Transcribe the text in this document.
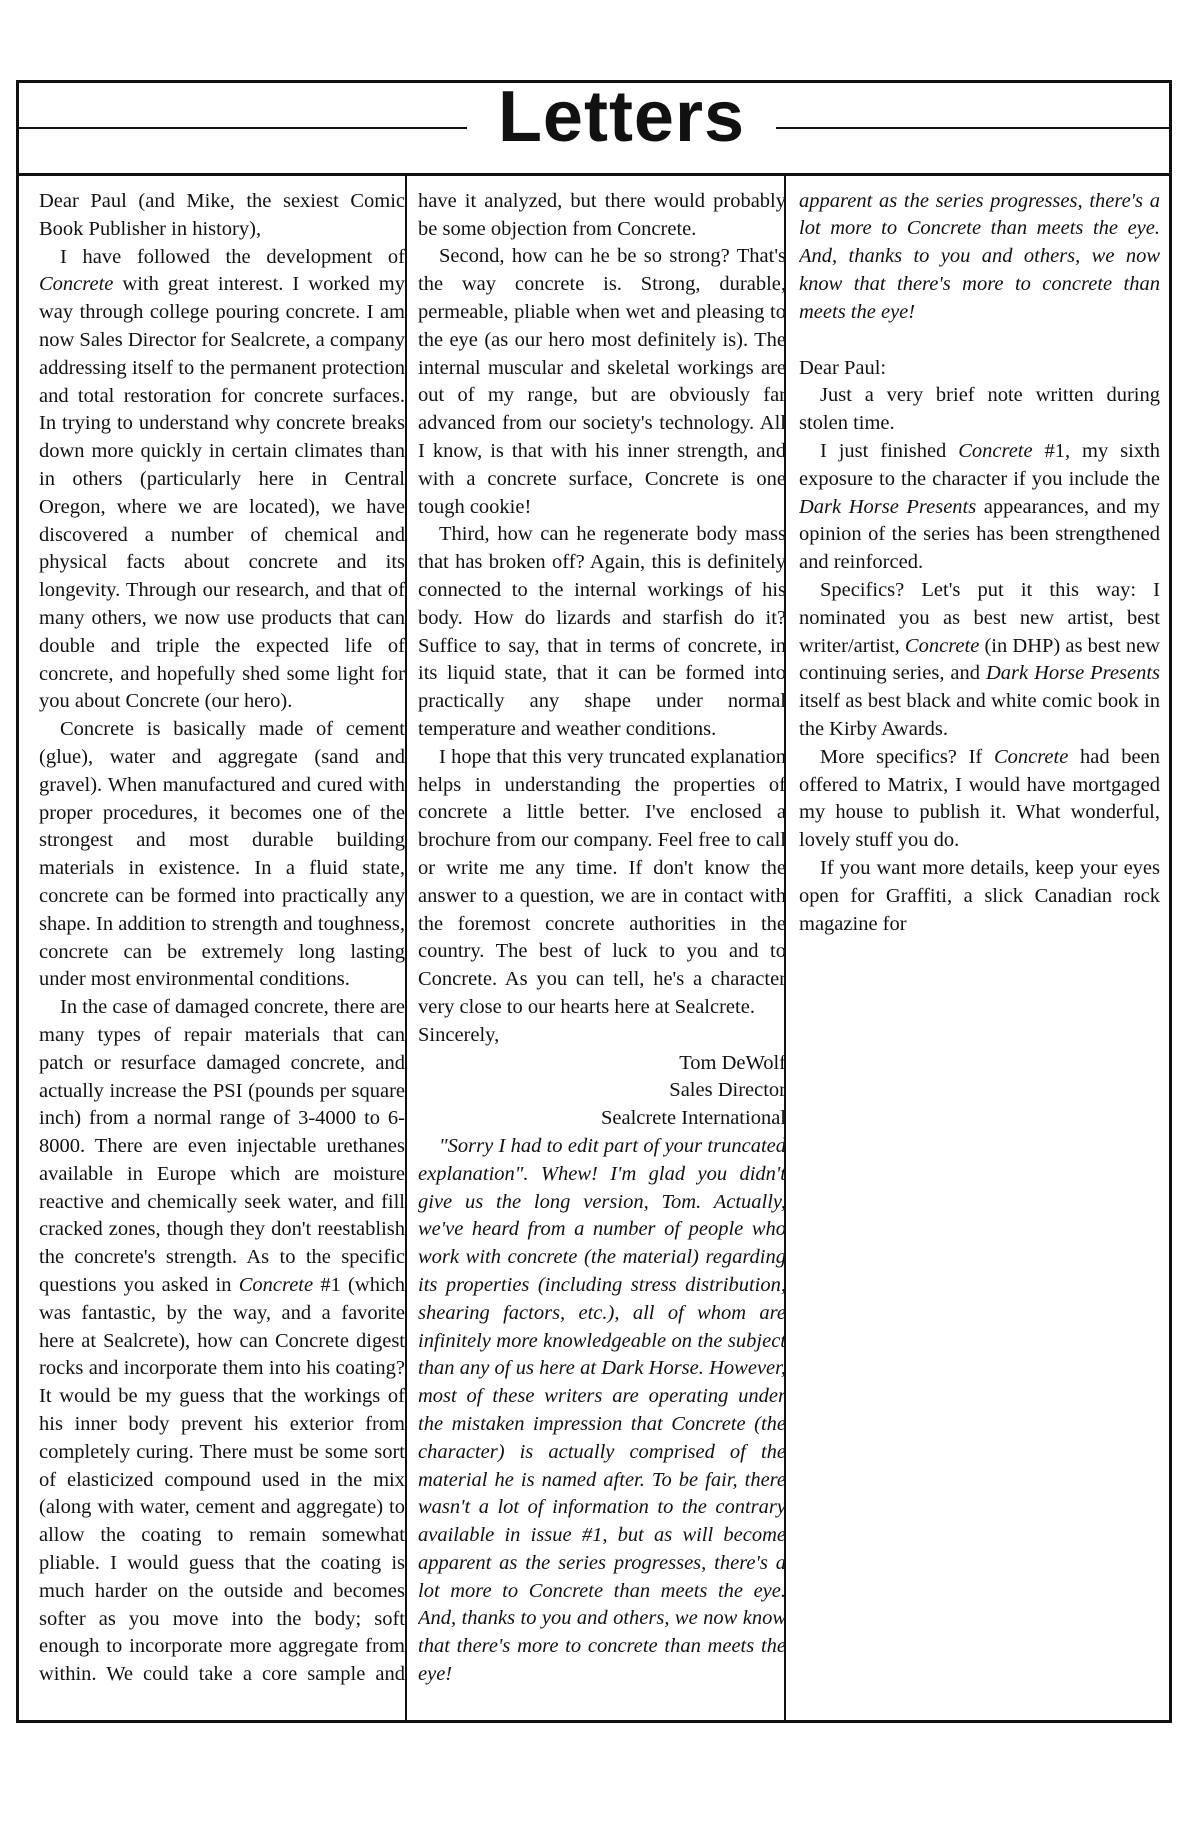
Letters

Dear Paul (and Mike, the sexiest Comic Book Publisher in history),

I have followed the development of Concrete with great interest. I worked my way through college pouring concrete. I am now Sales Director for Sealcrete, a company addressing itself to the permanent protection and total restoration for concrete surfaces. In trying to understand why concrete breaks down more quickly in certain climates than in others (particularly here in Central Oregon, where we are located), we have discovered a number of chemical and physical facts about concrete and its longevity. Through our research, and that of many others, we now use products that can double and triple the expected life of concrete, and hopefully shed some light for you about Concrete (our hero).

Concrete is basically made of cement (glue), water and aggregate (sand and gravel). When manufactured and cured with proper procedures, it becomes one of the strongest and most durable building materials in existence. In a fluid state, concrete can be formed into practically any shape. In addition to strength and toughness, concrete can be extremely long lasting under most environmental conditions.

In the case of damaged concrete, there are many types of repair materials that can patch or resurface damaged concrete, and actually increase the PSI (pounds per square inch) from a normal range of 3-4000 to 6-8000. There are even injectable urethanes available in Europe which are moisture reactive and chemically seek water, and fill cracked zones, though they don't reestablish the concrete's strength. As to the specific questions you asked in Concrete #1 (which was fantastic, by the way, and a favorite here at Sealcrete), how can Concrete digest rocks and incorporate them into his coating? It would be my guess that the workings of his inner body prevent his exterior from completely curing. There must be some sort of elasticized compound used in the mix (along with water, cement and aggregate) to allow the coating to remain somewhat pliable. I would guess that the coating is much harder on the outside and becomes softer as you move into the body; soft enough to incorporate more aggregate from within. We could take a core sample and

have it analyzed, but there would probably be some objection from Concrete.

Second, how can he be so strong? That's the way concrete is. Strong, durable, permeable, pliable when wet and pleasing to the eye (as our hero most definitely is). The internal muscular and skeletal workings are out of my range, but are obviously far advanced from our society's technology. All I know, is that with his inner strength, and with a concrete surface, Concrete is one tough cookie!

Third, how can he regenerate body mass that has broken off? Again, this is definitely connected to the internal workings of his body. How do lizards and starfish do it? Suffice to say, that in terms of concrete, in its liquid state, that it can be formed into practically any shape under normal temperature and weather conditions.

I hope that this very truncated explanation helps in understanding the properties of concrete a little better. I've enclosed a brochure from our company. Feel free to call or write me any time. If don't know the answer to a question, we are in contact with the foremost concrete authorities in the country. The best of luck to you and to Concrete. As you can tell, he's a character very close to our hearts here at Sealcrete.

Sincerely,

Tom DeWolf

Sales Director

Sealcrete International

"Sorry I had to edit part of your truncated explanation". Whew! I'm glad you didn't give us the long version, Tom. Actually, we've heard from a number of people who work with concrete (the material) regarding its properties (including stress distribution, shearing factors, etc.), all of whom are infinitely more knowledgeable on the subject than any of us here at Dark Horse. However, most of these writers are operating under the mistaken impression that Concrete (the character) is actually comprised of the material he is named after. To be fair, there wasn't a lot of information to the contrary available in issue #1, but as will become apparent as the series progresses, there's a lot more to Concrete than meets the eye. And, thanks to you and others, we now know that there's more to concrete than meets the eye!

apparent as the series progresses, there's a lot more to Concrete than meets the eye. And, thanks to you and others, we now know that there's more to concrete than meets the eye!

Dear Paul:

Just a very brief note written during stolen time.

I just finished Concrete #1, my sixth exposure to the character if you include the Dark Horse Presents appearances, and my opinion of the series has been strengthened and reinforced.

Specifics? Let's put it this way: I nominated you as best new artist, best writer/artist, Concrete (in DHP) as best new continuing series, and Dark Horse Presents itself as best black and white comic book in the Kirby Awards.

More specifics? If Concrete had been offered to Matrix, I would have mortgaged my house to publish it. What wonderful, lovely stuff you do.

If you want more details, keep your eyes open for Graffiti, a slick Canadian rock magazine for
